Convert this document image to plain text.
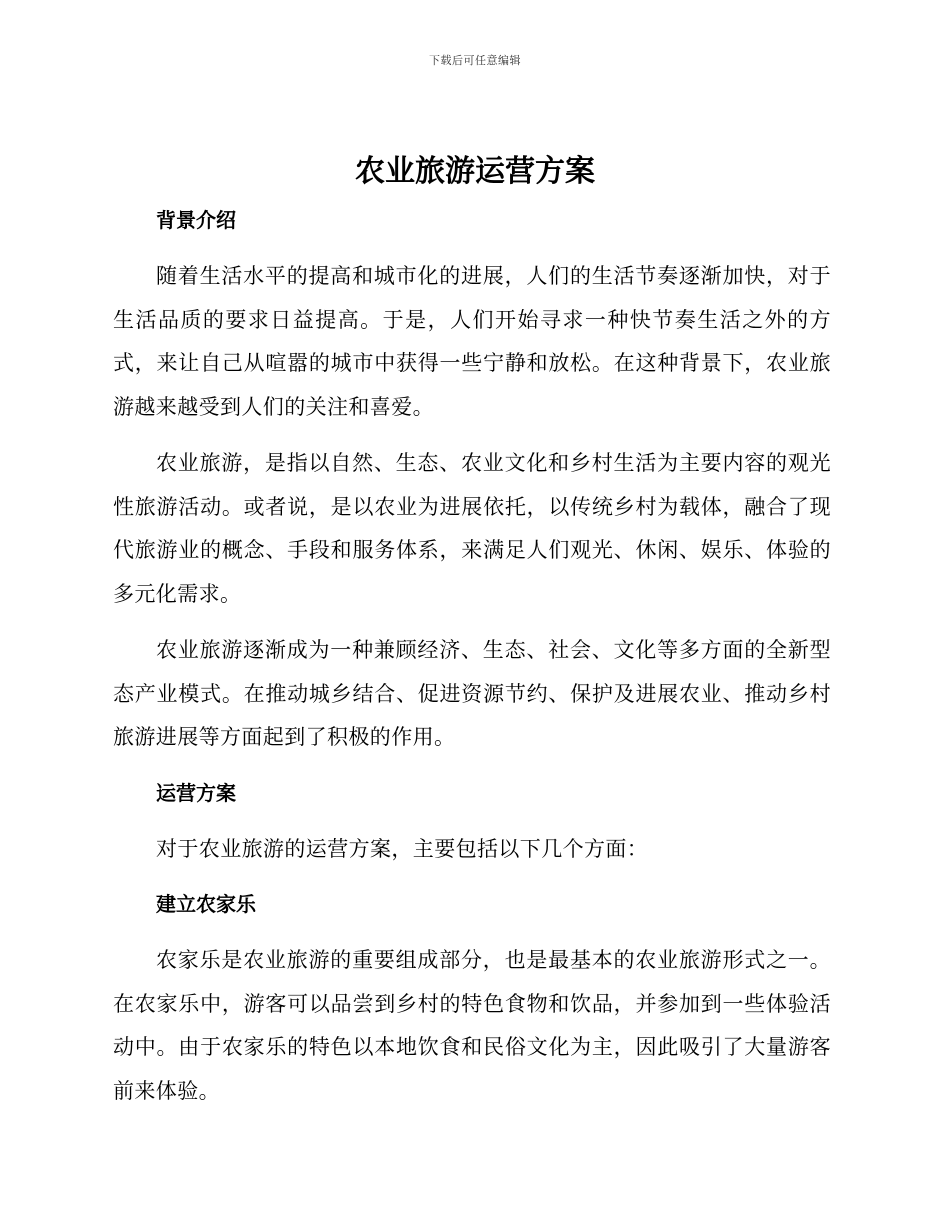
下载后可任意编辑
农业旅游运营方案
背景介绍

随着生活水平的提高和城市化的进展，人们的生活节奏逐渐加快，对于生活品质的要求日益提高。于是，人们开始寻求一种快节奏生活之外的方式，来让自己从喧嚣的城市中获得一些宁静和放松。在这种背景下，农业旅游越来越受到人们的关注和喜爱。

农业旅游，是指以自然、生态、农业文化和乡村生活为主要内容的观光性旅游活动。或者说，是以农业为进展依托，以传统乡村为载体，融合了现代旅游业的概念、手段和服务体系，来满足人们观光、休闲、娱乐、体验的多元化需求。

农业旅游逐渐成为一种兼顾经济、生态、社会、文化等多方面的全新型态产业模式。在推动城乡结合、促进资源节约、保护及进展农业、推动乡村旅游进展等方面起到了积极的作用。

运营方案

对于农业旅游的运营方案，主要包括以下几个方面：

建立农家乐

农家乐是农业旅游的重要组成部分，也是最基本的农业旅游形式之一。在农家乐中，游客可以品尝到乡村的特色食物和饮品，并参加到一些体验活动中。由于农家乐的特色以本地饮食和民俗文化为主，因此吸引了大量游客前来体验。
